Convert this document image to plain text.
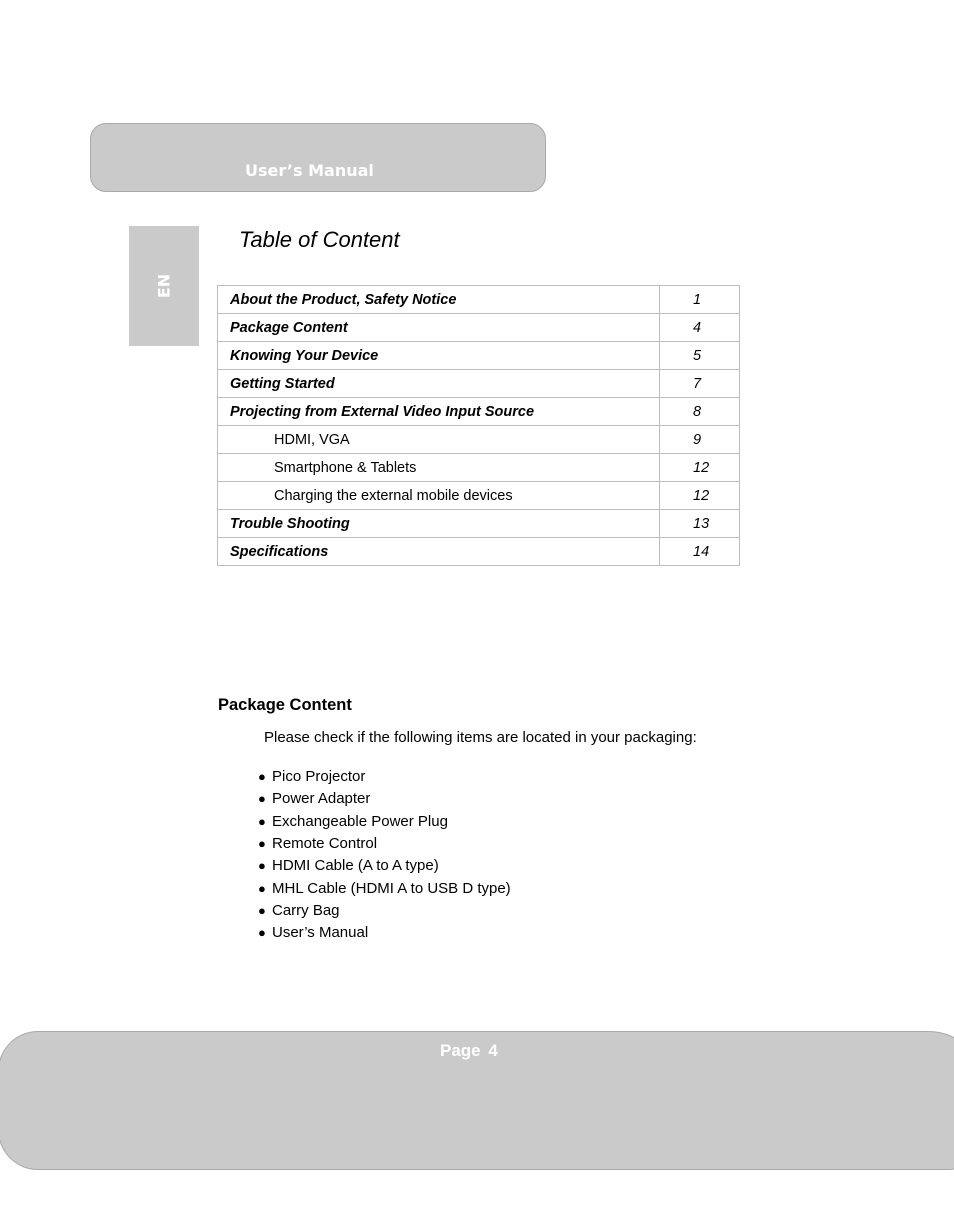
User’s Manual
EN
Table of Content
About the Product, Safety Notice	1
Package Content	4
Knowing Your Device	5
Getting Started	7
Projecting from External Video Input Source	8
HDMI, VGA	9
Smartphone & Tablets	12
Charging the external mobile devices	12
Trouble Shooting	13
Specifications	14
Package Content
Please check if the following items are located in your packaging:
● Pico Projector
● Power Adapter
● Exchangeable Power Plug
● Remote Control
● HDMI Cable (A to A type)
● MHL Cable (HDMI A to USB D type)
● Carry Bag
● User’s Manual
Page 4
